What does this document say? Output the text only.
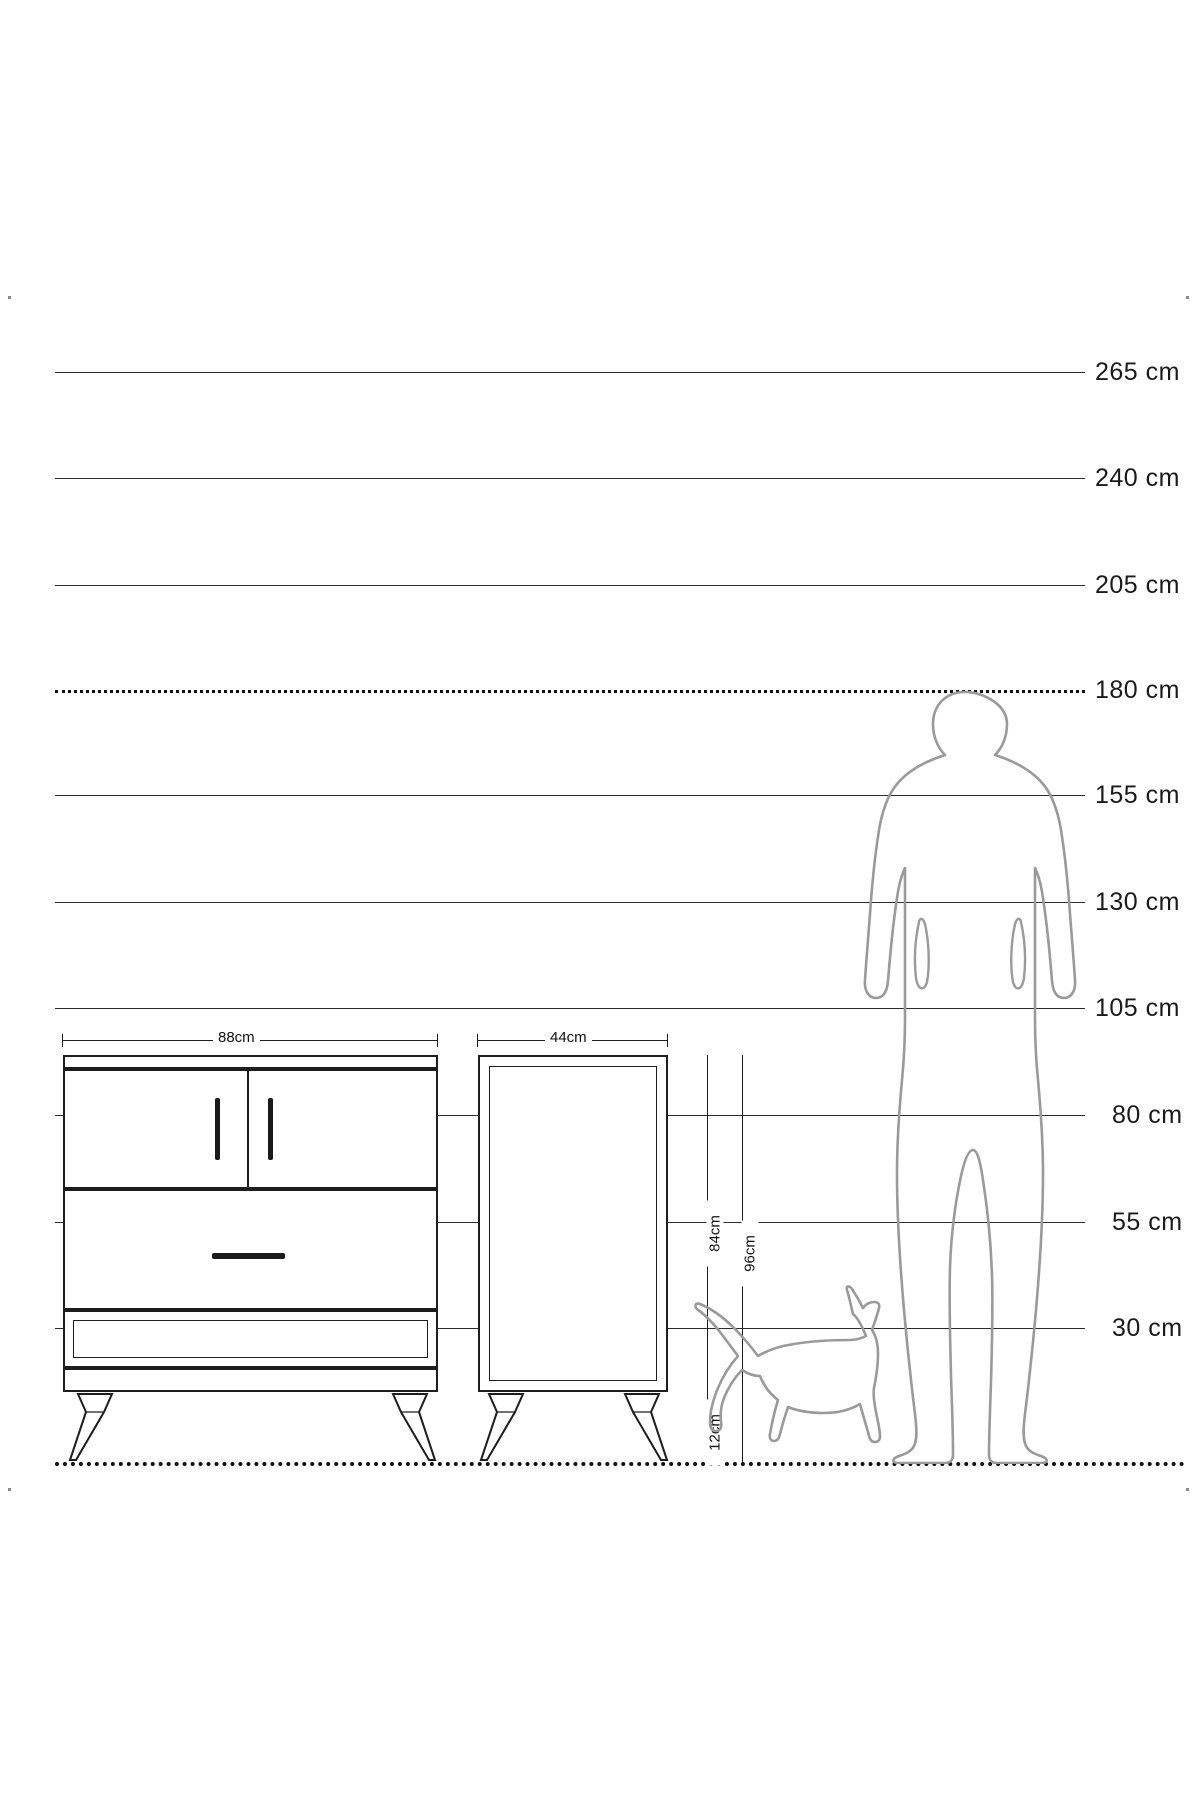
265 cm
240 cm
205 cm
180 cm
155 cm
130 cm
105 cm
80 cm
55 cm
30 cm
88cm	44cm
84cm
96cm
12cm
